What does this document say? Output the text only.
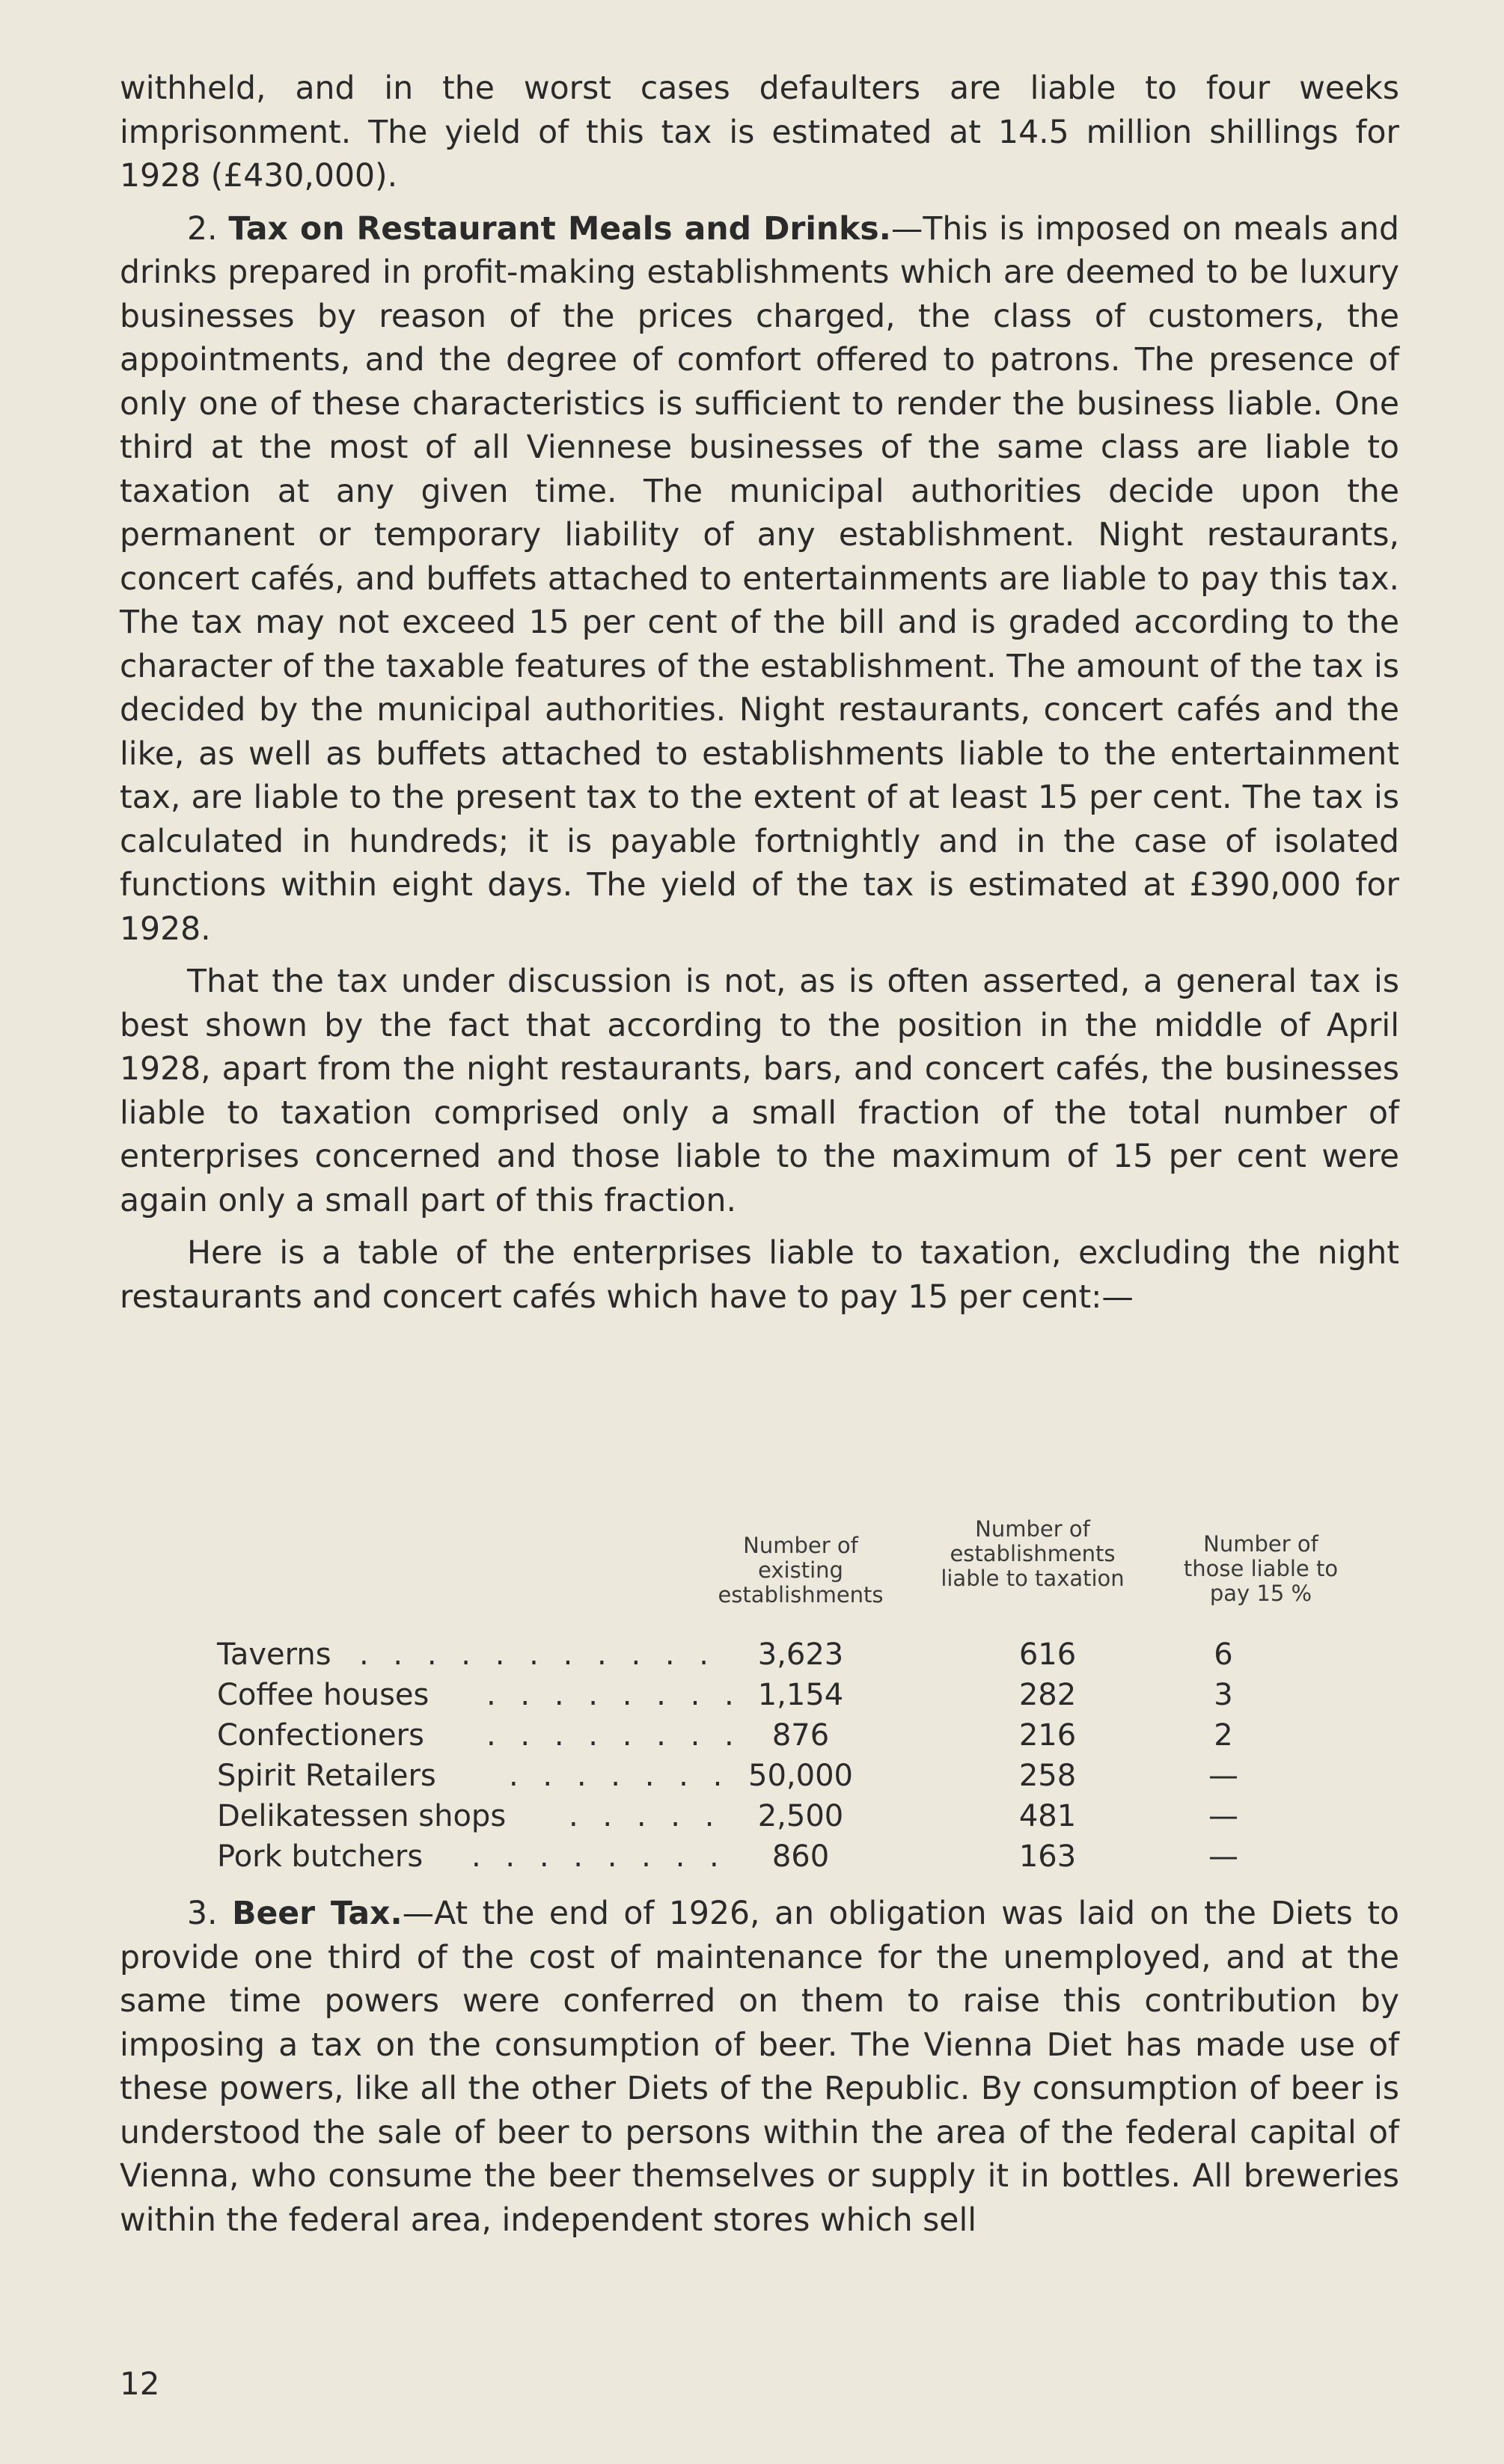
withheld, and in the worst cases defaulters are liable to four weeks imprisonment. The yield of this tax is estimated at 14.5 million shillings for 1928 (£430,000).

2. Tax on Restaurant Meals and Drinks.—This is imposed on meals and drinks prepared in profit-making establishments which are deemed to be luxury businesses by reason of the prices charged, the class of customers, the appointments, and the degree of comfort offered to patrons. The presence of only one of these characteristics is sufficient to render the business liable. One third at the most of all Viennese businesses of the same class are liable to taxation at any given time. The municipal authorities decide upon the permanent or temporary liability of any establishment. Night restaurants, concert cafés, and buffets attached to entertainments are liable to pay this tax. The tax may not exceed 15 per cent of the bill and is graded according to the character of the taxable features of the establishment. The amount of the tax is decided by the municipal authorities. Night restaurants, concert cafés and the like, as well as buffets attached to establishments liable to the entertainment tax, are liable to the present tax to the extent of at least 15 per cent. The tax is calculated in hundreds; it is payable fortnightly and in the case of isolated functions within eight days. The yield of the tax is estimated at £390,000 for 1928.

That the tax under discussion is not, as is often asserted, a general tax is best shown by the fact that according to the position in the middle of April 1928, apart from the night restaurants, bars, and concert cafés, the businesses liable to taxation comprised only a small fraction of the total number of enterprises concerned and those liable to the maximum of 15 per cent were again only a small part of this fraction.

Here is a table of the enterprises liable to taxation, excluding the night restaurants and concert cafés which have to pay 15 per cent:—

Number of existing establishments
Number of establishments liable to taxation
Number of those liable to pay 15 %
Taverns . . . . . . . . . . .	3,623	616	6
Coffee houses . . . . . . . . 1,154	282	3
Confectioners . . . . . . . .	876	216	2
Spirit Retailers . . . . . . . 50,000	258	—
Delikatessen shops . . . . .	2,500	481	—
Pork butchers . . . . . . . .	860	163	—

3. Beer Tax.—At the end of 1926, an obligation was laid on the Diets to provide one third of the cost of maintenance for the unemployed, and at the same time powers were conferred on them to raise this contribution by imposing a tax on the consumption of beer. The Vienna Diet has made use of these powers, like all the other Diets of the Republic. By consumption of beer is understood the sale of beer to persons within the area of the federal capital of Vienna, who consume the beer themselves or supply it in bottles. All breweries within the federal area, independent stores which sell

12
